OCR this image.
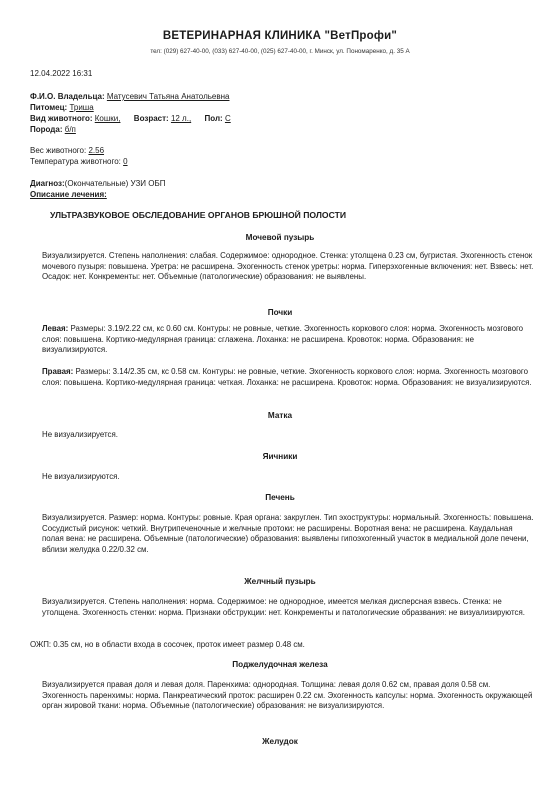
ВЕТЕРИНАРНАЯ КЛИНИКА "ВетПрофи"
тел: (029) 627-40-00, (033) 627-40-00, (025) 627-40-00, г. Минск, ул. Пономаренко, д. 35 А
12.04.2022 16:31
Ф.И.О. Владельца: Матусевич Татьяна Анатольевна
Питомец: Триша
Вид животного: Кошки, Возраст: 12 л., Пол: С
Порода: б/п
Вес животного: 2.56
Температура животного: 0
Диагноз:(Окончательные) УЗИ ОБП
Описание лечения:
УЛЬТРАЗВУКОВОЕ ОБСЛЕДОВАНИЕ ОРГАНОВ БРЮШНОЙ ПОЛОСТИ
Мочевой пузырь

Визуализируется. Степень наполнения: слабая. Содержимое: однородное. Стенка: утолщена 0.23 см, бугристая. Эхогенность стенок мочевого пузыря: повышена. Уретра: не расширена. Эхогенность стенок уретры: норма. Гиперэхогенные включения: нет. Взвесь: нет. Осадок: нет. Конкременты: нет. Объемные (патологические) образования: не выявлены.

Почки

Левая: Размеры: 3.19/2.22 см, кс 0.60 см. Контуры: не ровные, четкие. Эхогенность коркового слоя: норма. Эхогенность мозгового слоя: повышена. Кортико-медулярная граница: сглажена. Лоханка: не расширена. Кровоток: норма. Образования: не визуализируются.

Правая: Размеры: 3.14/2.35 см, кс 0.58 см. Контуры: не ровные, четкие. Эхогенность коркового слоя: норма. Эхогенность мозгового слоя: повышена. Кортико-медулярная граница: четкая. Лоханка: не расширена. Кровоток: норма. Образования: не визуализируются.

Матка

Не визуализируется.

Яичники

Не визуализируются.

Печень

Визуализируется. Размер: норма. Контуры: ровные. Края органа: закруглен. Тип эхоструктуры: нормальный. Эхогенность: повышена. Сосудистый рисунок: четкий. Внутрипеченочные и желчные протоки: не расширены. Воротная вена: не расширена. Каудальная полая вена: не расширена. Объемные (патологические) образования: выявлены гипоэхогенный участок в медиальной доле печени, вблизи желудка 0.22/0.32 см.

Желчный пузырь

Визуализируется. Степень наполнения: норма. Содержимое: не однородное, имеется мелкая дисперсная взвесь. Стенка: не утолщена. Эхогенность стенки: норма. Признаки обструкции: нет. Конкременты и патологические образвания: не визуализируются.

ОЖП: 0.35 см, но в области входа в сосочек, проток имеет размер 0.48 см.

Поджелудочная железа

Визуализируется правая доля и левая доля. Паренхима: однородная. Толщина: левая доля 0.62 см, правая доля 0.58 см. Эхогенность паренхимы: норма. Панкреатический проток: расширен 0.22 см. Эхогенность капсулы: норма. Эхогенность окружающей орган жировой ткани: норма. Объемные (патологические) образования: не визуализируются.

Желудок
